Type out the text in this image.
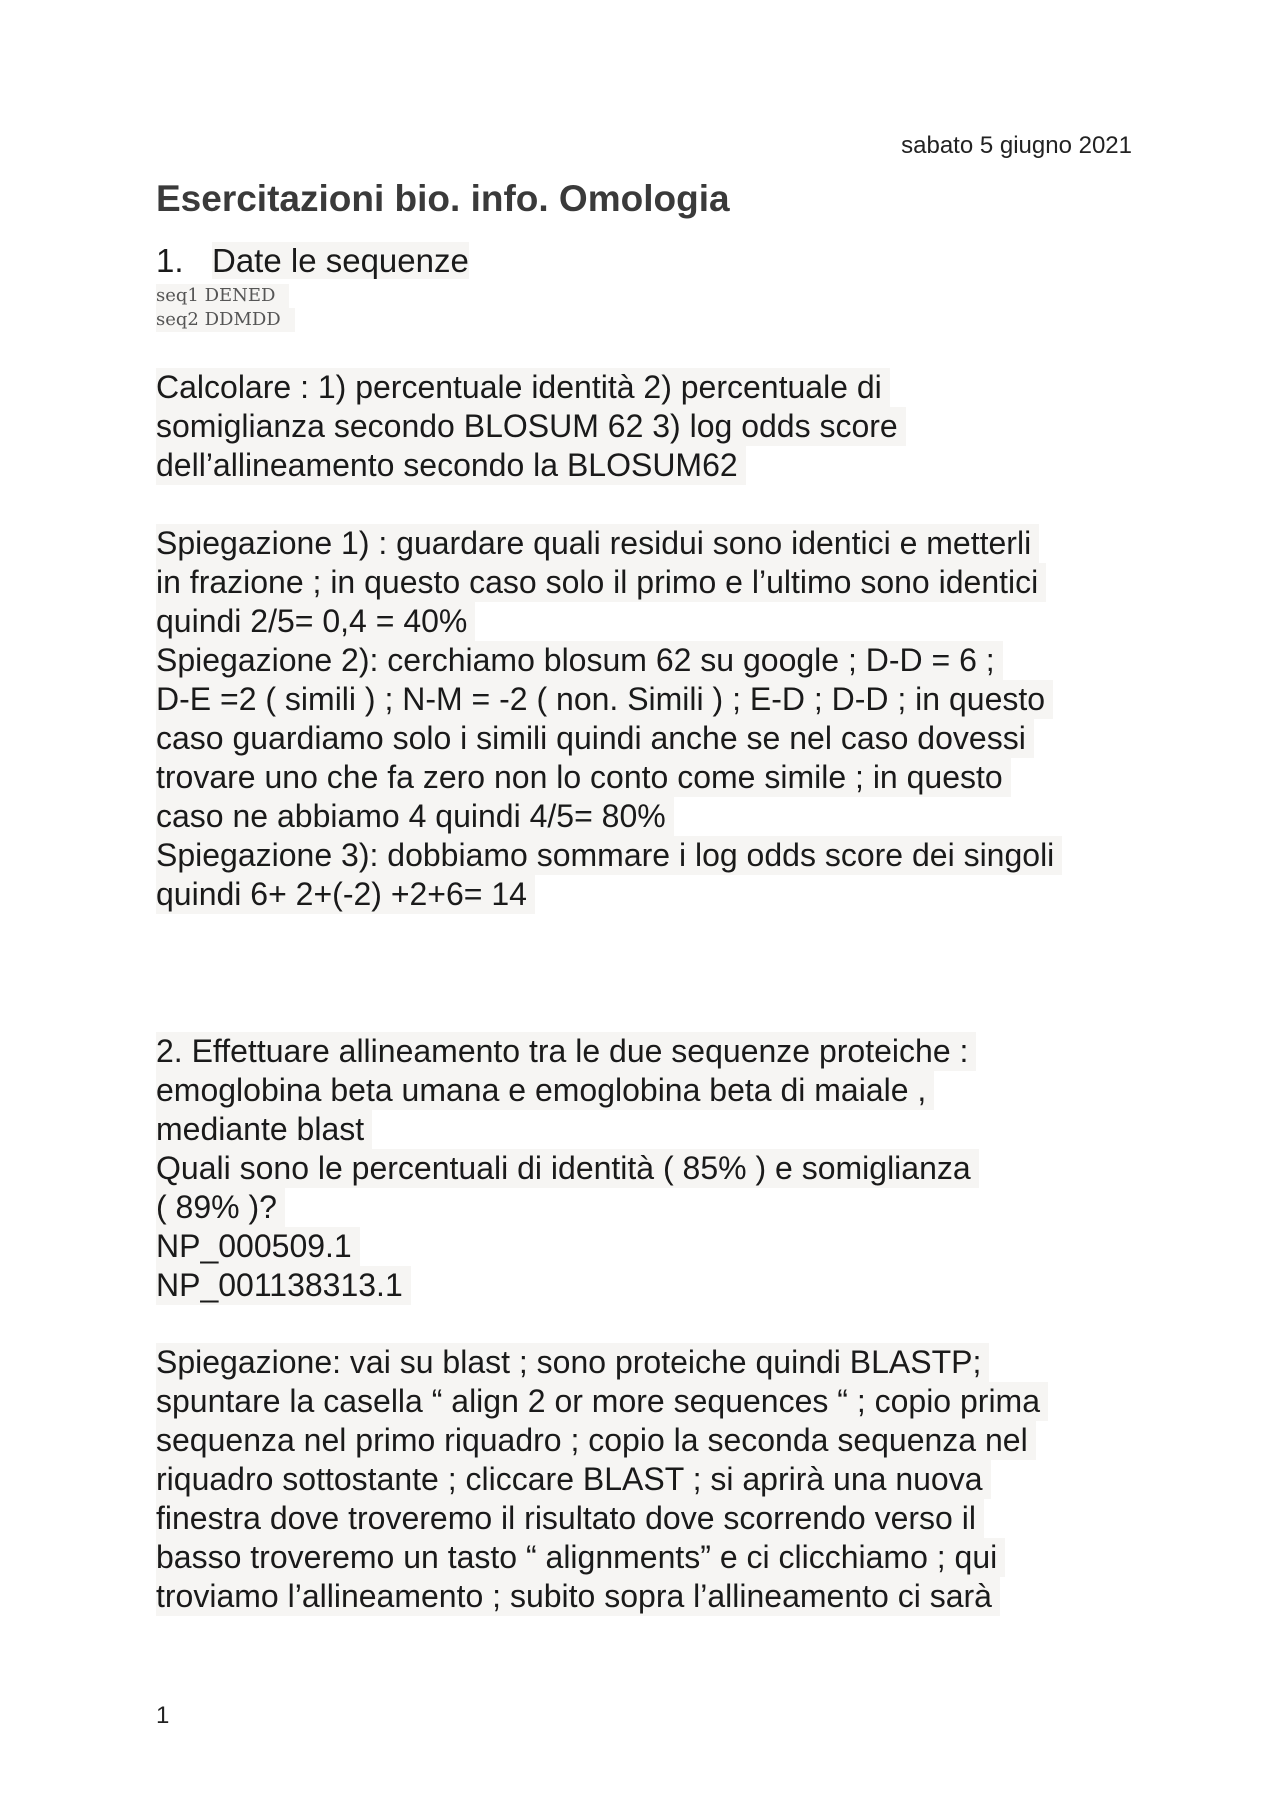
sabato 5 giugno 2021
Esercitazioni bio. info. Omologia
1. Date le sequenze
seq1 DENED
seq2 DDMDD
Calcolare : 1) percentuale identità 2) percentuale di
somiglianza secondo BLOSUM 62 3) log odds score
dell’allineamento secondo la BLOSUM62
Spiegazione 1) : guardare quali residui sono identici e metterli
in frazione ; in questo caso solo il primo e l’ultimo sono identici
quindi 2/5= 0,4 = 40%
Spiegazione 2): cerchiamo blosum 62 su google ; D-D = 6 ;
D-E =2 ( simili ) ; N-M = -2 ( non. Simili ) ; E-D ; D-D ; in questo
caso guardiamo solo i simili quindi anche se nel caso dovessi
trovare uno che fa zero non lo conto come simile ; in questo
caso ne abbiamo 4 quindi 4/5= 80%
Spiegazione 3): dobbiamo sommare i log odds score dei singoli
quindi 6+ 2+(-2) +2+6= 14
2. Effettuare allineamento tra le due sequenze proteiche :
emoglobina beta umana e emoglobina beta di maiale ,
mediante blast
Quali sono le percentuali di identità ( 85% ) e somiglianza
( 89% )?
NP_000509.1
NP_001138313.1
Spiegazione: vai su blast ; sono proteiche quindi BLASTP;
spuntare la casella “ align 2 or more sequences “ ; copio prima
sequenza nel primo riquadro ; copio la seconda sequenza nel
riquadro sottostante ; cliccare BLAST ; si aprirà una nuova
finestra dove troveremo il risultato dove scorrendo verso il
basso troveremo un tasto “ alignments” e ci clicchiamo ; qui
troviamo l’allineamento ; subito sopra l’allineamento ci sarà
1
